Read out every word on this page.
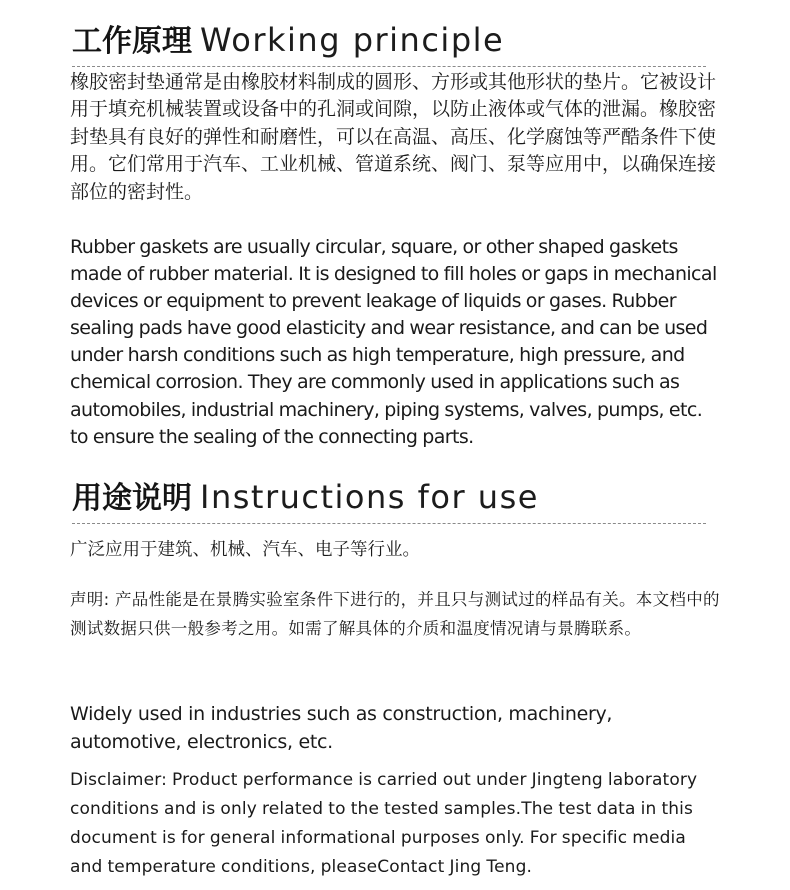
工作原理 Working principle

橡胶密封垫通常是由橡胶材料制成的圆形、方形或其他形状的垫片。它被设计用于填充机械装置或设备中的孔洞或间隙，以防止液体或气体的泄漏。橡胶密封垫具有良好的弹性和耐磨性，可以在高温、高压、化学腐蚀等严酷条件下使用。它们常用于汽车、工业机械、管道系统、阀门、泵等应用中，以确保连接部位的密封性。

Rubber gaskets are usually circular, square, or other shaped gaskets made of rubber material. It is designed to fill holes or gaps in mechanical devices or equipment to prevent leakage of liquids or gases. Rubber sealing pads have good elasticity and wear resistance, and can be used under harsh conditions such as high temperature, high pressure, and chemical corrosion. They are commonly used in applications such as automobiles, industrial machinery, piping systems, valves, pumps, etc. to ensure the sealing of the connecting parts.

用途说明 Instructions for use

广泛应用于建筑、机械、汽车、电子等行业。

声明: 产品性能是在景腾实验室条件下进行的，并且只与测试过的样品有关。本文档中的测试数据只供一般参考之用。如需了解具体的介质和温度情况请与景腾联系。

Widely used in industries such as construction, machinery, automotive, electronics, etc.

Disclaimer: Product performance is carried out under Jingteng laboratory conditions and is only related to the tested samples.The test data in this document is for general informational purposes only. For specific media and temperature conditions, pleaseContact Jing Teng.
